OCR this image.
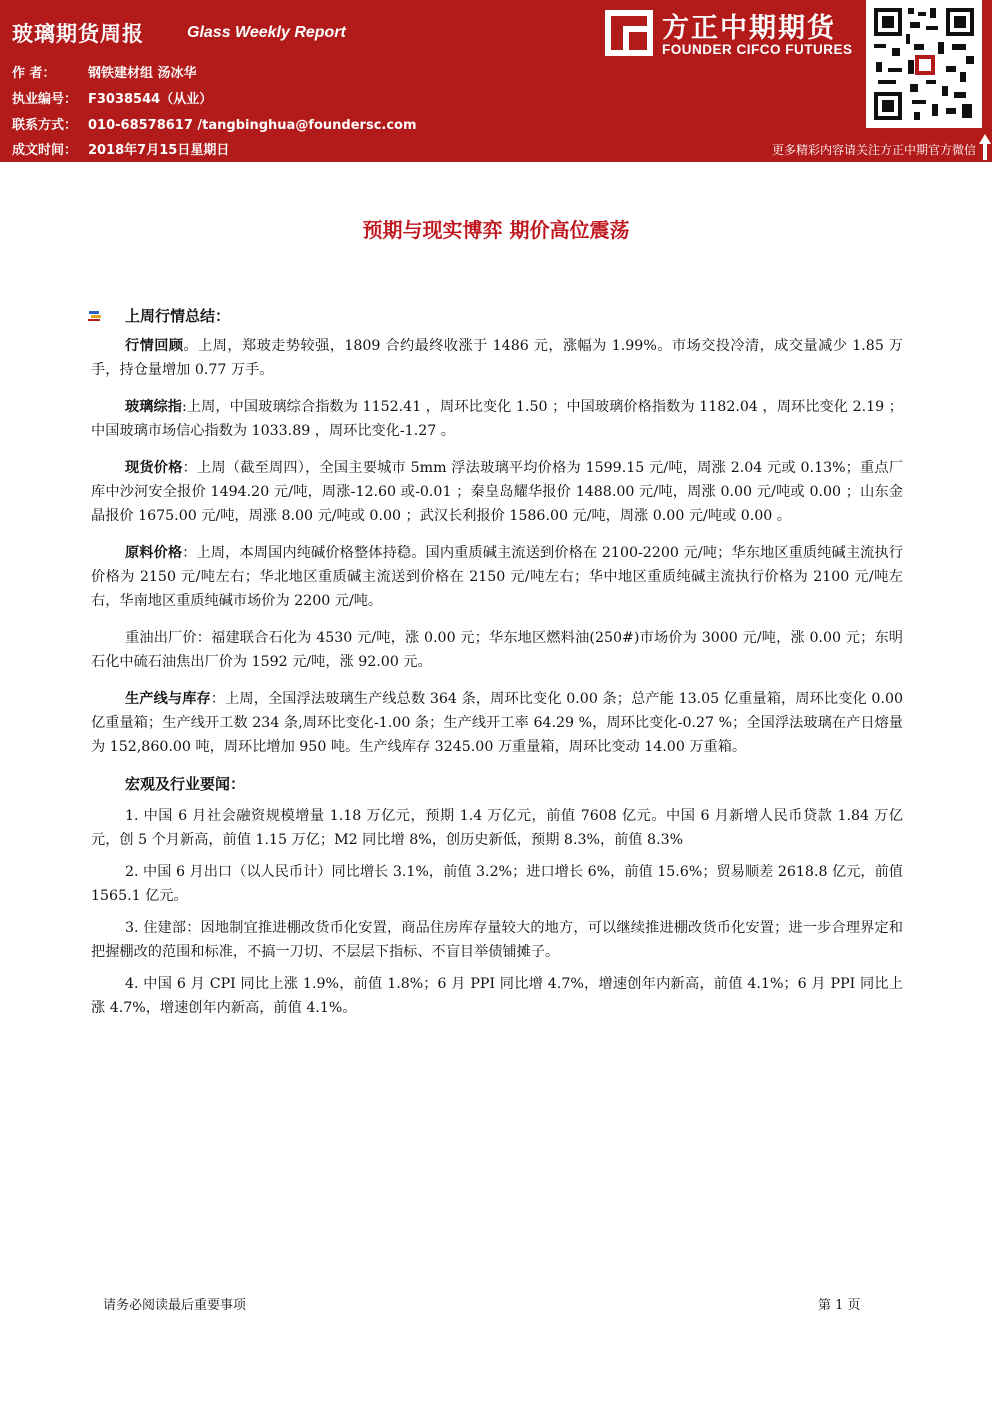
玻璃期货周报	Glass Weekly Report
作 者： 钢铁建材组 汤冰华
执业编号： F3038544（从业）
联系方式： 010-68578617 /tangbinghua@foundersc.com
成文时间： 2018年7月15日星期日
方正中期期货
FOUNDER CIFCO FUTURES
更多精彩内容请关注方正中期官方微信
预期与现实博弈 期价高位震荡
上周行情总结：
行情回顾。上周，郑玻走势较强，1809 合约最终收涨于 1486 元，涨幅为 1.99%。市场交投冷清，成交量减少 1.85 万手，持仓量增加 0.77 万手。
玻璃综指:上周，中国玻璃综合指数为 1152.41 ，周环比变化 1.50 ；中国玻璃价格指数为 1182.04 ，周环比变化 2.19 ；中国玻璃市场信心指数为 1033.89 ，周环比变化-1.27 。
现货价格：上周（截至周四），全国主要城市 5mm 浮法玻璃平均价格为 1599.15 元/吨，周涨 2.04 元或 0.13%；重点厂库中沙河安全报价 1494.20 元/吨，周涨-12.60 或-0.01 ；秦皇岛耀华报价 1488.00 元/吨，周涨 0.00 元/吨或 0.00 ；山东金晶报价 1675.00 元/吨，周涨 8.00 元/吨或 0.00 ；武汉长利报价 1586.00 元/吨，周涨 0.00 元/吨或 0.00 。
原料价格：上周，本周国内纯碱价格整体持稳。国内重质碱主流送到价格在 2100-2200 元/吨；华东地区重质纯碱主流执行价格为 2150 元/吨左右；华北地区重质碱主流送到价格在 2150 元/吨左右；华中地区重质纯碱主流执行价格为 2100 元/吨左右，华南地区重质纯碱市场价为 2200 元/吨。
重油出厂价：福建联合石化为 4530 元/吨，涨 0.00 元；华东地区燃料油(250#)市场价为 3000 元/吨，涨 0.00 元；东明石化中硫石油焦出厂价为 1592 元/吨，涨 92.00 元。
生产线与库存：上周，全国浮法玻璃生产线总数 364 条，周环比变化 0.00 条；总产能 13.05 亿重量箱，周环比变化 0.00 亿重量箱；生产线开工数 234 条,周环比变化-1.00 条；生产线开工率 64.29 %，周环比变化-0.27 %；全国浮法玻璃在产日熔量为 152,860.00 吨，周环比增加 950 吨。生产线库存 3245.00 万重量箱，周环比变动 14.00 万重箱。
宏观及行业要闻：
1. 中国 6 月社会融资规模增量 1.18 万亿元，预期 1.4 万亿元，前值 7608 亿元。中国 6 月新增人民币贷款 1.84 万亿元，创 5 个月新高，前值 1.15 万亿；M2 同比增 8%，创历史新低，预期 8.3%，前值 8.3%
2. 中国 6 月出口（以人民币计）同比增长 3.1%，前值 3.2%；进口增长 6%，前值 15.6%；贸易顺差 2618.8 亿元，前值 1565.1 亿元。
3. 住建部：因地制宜推进棚改货币化安置，商品住房库存量较大的地方，可以继续推进棚改货币化安置；进一步合理界定和把握棚改的范围和标准，不搞一刀切、不层层下指标、不盲目举债铺摊子。
4. 中国 6 月 CPI 同比上涨 1.9%，前值 1.8%；6 月 PPI 同比增 4.7%，增速创年内新高，前值 4.1%；6 月 PPI 同比上涨 4.7%，增速创年内新高，前值 4.1%。
请务必阅读最后重要事项	第 1 页
